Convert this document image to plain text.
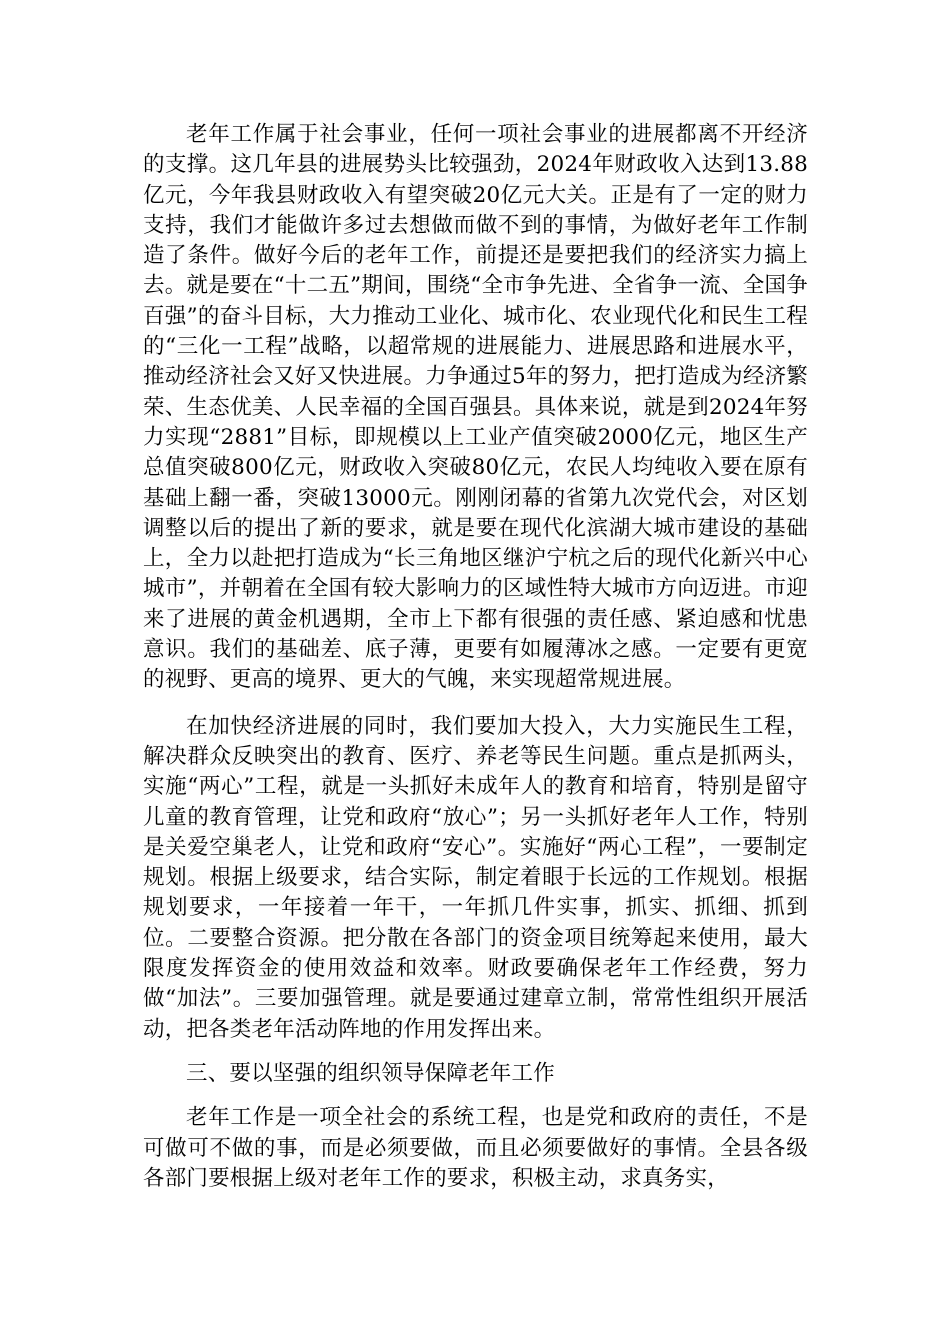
老年工作属于社会事业，任何一项社会事业的进展都离不开经济的支撑。这几年县的进展势头比较强劲，2024年财政收入达到13.88亿元，今年我县财政收入有望突破20亿元大关。正是有了一定的财力支持，我们才能做许多过去想做而做不到的事情，为做好老年工作制造了条件。做好今后的老年工作，前提还是要把我们的经济实力搞上去。就是要在“十二五”期间，围绕“全市争先进、全省争一流、全国争百强”的奋斗目标，大力推动工业化、城市化、农业现代化和民生工程的“三化一工程”战略，以超常规的进展能力、进展思路和进展水平，推动经济社会又好又快进展。力争通过5年的努力，把打造成为经济繁荣、生态优美、人民幸福的全国百强县。具体来说，就是到2024年努力实现“2881”目标，即规模以上工业产值突破2000亿元，地区生产总值突破800亿元，财政收入突破80亿元，农民人均纯收入要在原有基础上翻一番，突破13000元。刚刚闭幕的省第九次党代会，对区划调整以后的提出了新的要求，就是要在现代化滨湖大城市建设的基础上，全力以赴把打造成为“长三角地区继沪宁杭之后的现代化新兴中心城市”，并朝着在全国有较大影响力的区域性特大城市方向迈进。市迎来了进展的黄金机遇期，全市上下都有很强的责任感、紧迫感和忧患意识。我们的基础差、底子薄，更要有如履薄冰之感。一定要有更宽的视野、更高的境界、更大的气魄，来实现超常规进展。

在加快经济进展的同时，我们要加大投入，大力实施民生工程，解决群众反映突出的教育、医疗、养老等民生问题。重点是抓两头，实施“两心”工程，就是一头抓好未成年人的教育和培育，特别是留守儿童的教育管理，让党和政府“放心”；另一头抓好老年人工作，特别是关爱空巢老人，让党和政府“安心”。实施好“两心工程”，一要制定规划。根据上级要求，结合实际，制定着眼于长远的工作规划。根据规划要求，一年接着一年干，一年抓几件实事，抓实、抓细、抓到位。二要整合资源。把分散在各部门的资金项目统筹起来使用，最大限度发挥资金的使用效益和效率。财政要确保老年工作经费，努力做“加法”。三要加强管理。就是要通过建章立制，常常性组织开展活动，把各类老年活动阵地的作用发挥出来。

三、要以坚强的组织领导保障老年工作

老年工作是一项全社会的系统工程，也是党和政府的责任，不是可做可不做的事，而是必须要做，而且必须要做好的事情。全县各级各部门要根据上级对老年工作的要求，积极主动，求真务实，
